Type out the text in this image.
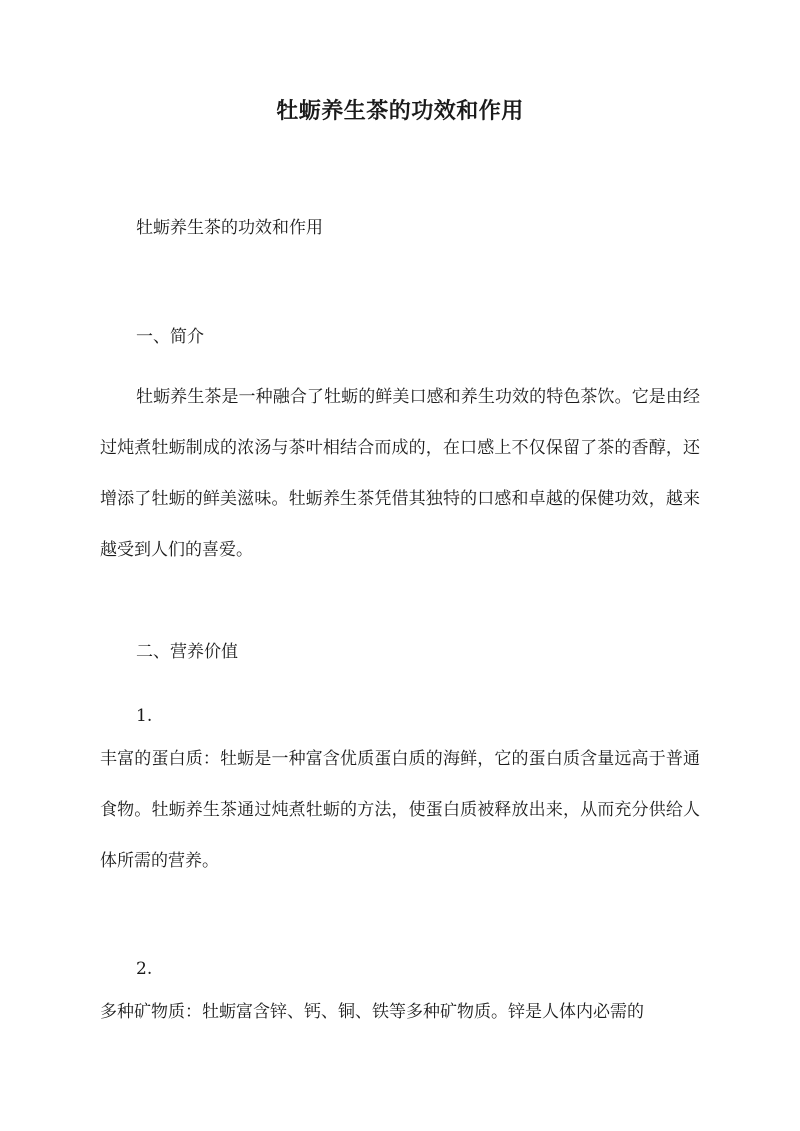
牡蛎养生茶的功效和作用

牡蛎养生茶的功效和作用

一、简介

牡蛎养生茶是一种融合了牡蛎的鲜美口感和养生功效的特色茶饮。它是由经过炖煮牡蛎制成的浓汤与茶叶相结合而成的，在口感上不仅保留了茶的香醇，还增添了牡蛎的鲜美滋味。牡蛎养生茶凭借其独特的口感和卓越的保健功效，越来越受到人们的喜爱。

二、营养价值

1.

丰富的蛋白质：牡蛎是一种富含优质蛋白质的海鲜，它的蛋白质含量远高于普通食物。牡蛎养生茶通过炖煮牡蛎的方法，使蛋白质被释放出来，从而充分供给人体所需的营养。

2.

多种矿物质：牡蛎富含锌、钙、铜、铁等多种矿物质。锌是人体内必需的
